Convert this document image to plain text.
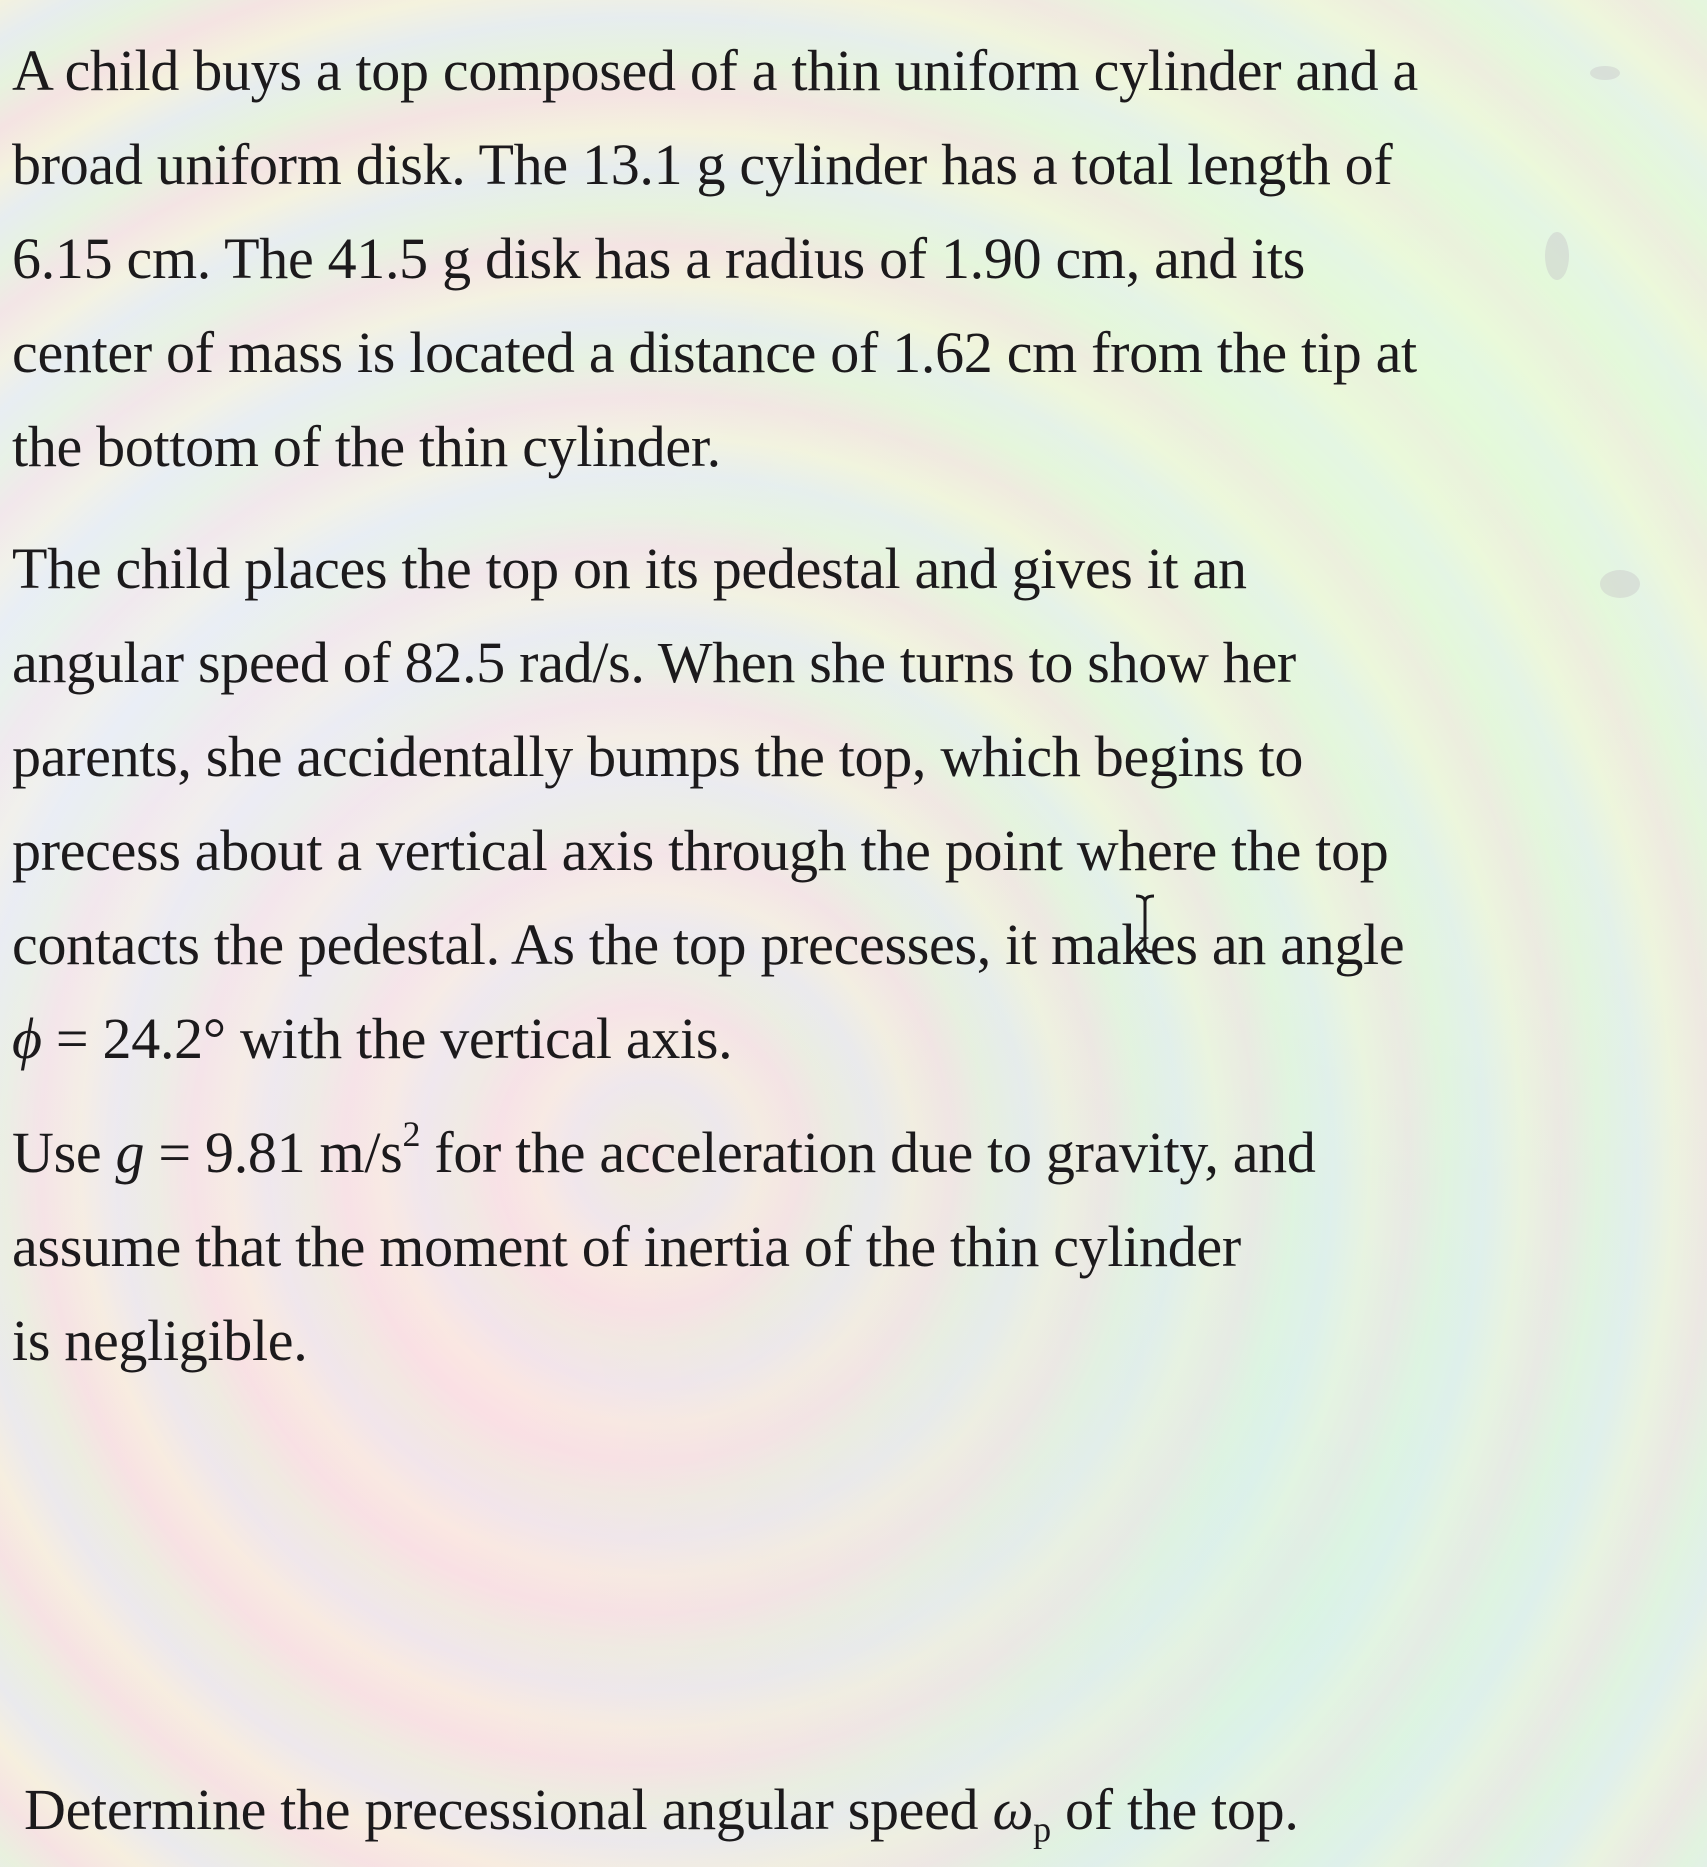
A child buys a top composed of a thin uniform cylinder and a
broad uniform disk. The 13.1 g cylinder has a total length of
6.15 cm. The 41.5 g disk has a radius of 1.90 cm, and its
center of mass is located a distance of 1.62 cm from the tip at
the bottom of the thin cylinder.

The child places the top on its pedestal and gives it an
angular speed of 82.5 rad/s. When she turns to show her
parents, she accidentally bumps the top, which begins to
precess about a vertical axis through the point where the top
contacts the pedestal. As the top precesses, it makes an angle
ϕ = 24.2° with the vertical axis.

Use g = 9.81 $m/s^2$ for the acceleration due to gravity, and
assume that the moment of inertia of the thin cylinder
is negligible.

Determine the precessional angular speed $\omega_p$ of the top.
